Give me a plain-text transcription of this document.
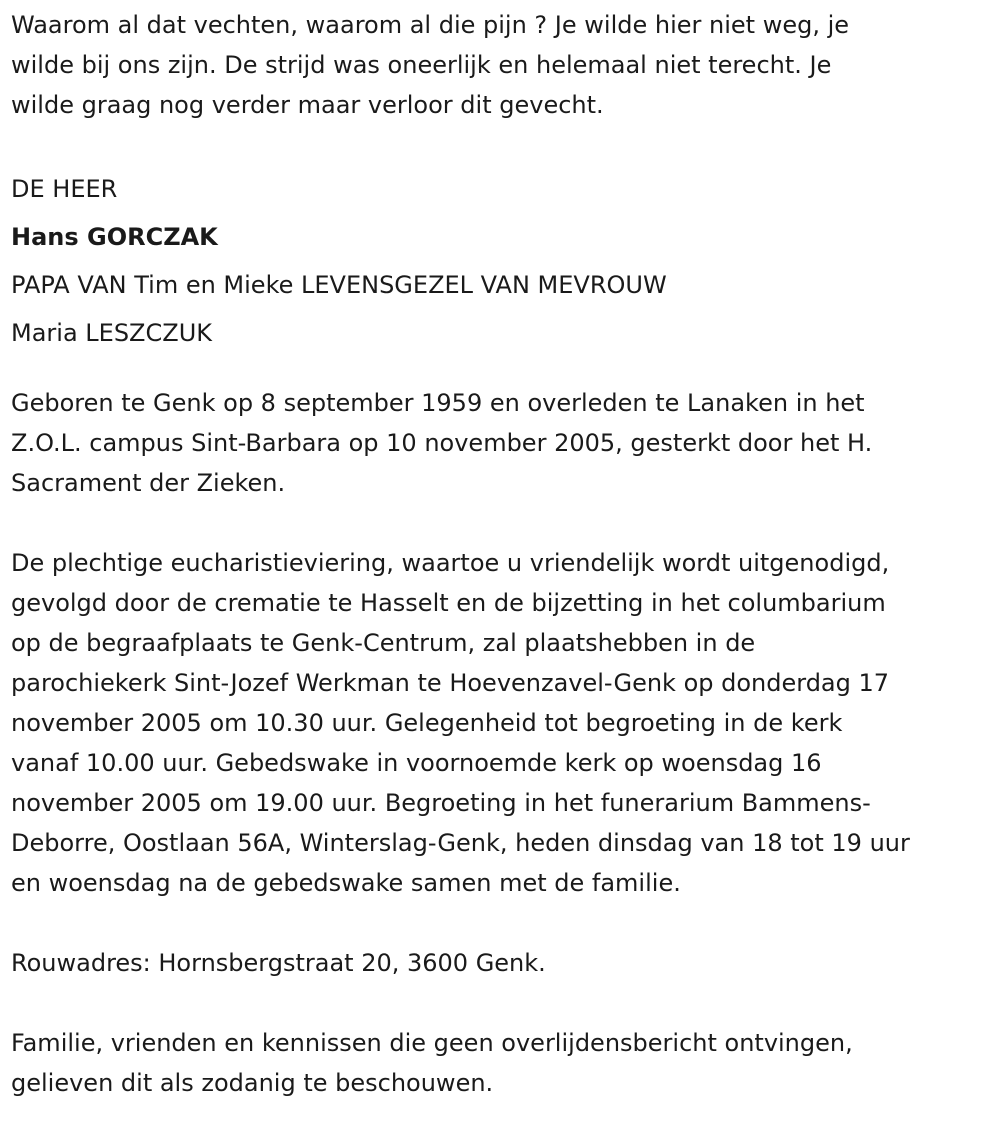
Waarom al dat vechten, waarom al die pijn ? Je wilde hier niet weg, je
wilde bij ons zijn. De strijd was oneerlijk en helemaal niet terecht. Je
wilde graag nog verder maar verloor dit gevecht.

DE HEER
Hans GORCZAK
PAPA VAN Tim en Mieke LEVENSGEZEL VAN MEVROUW
Maria LESZCZUK

Geboren te Genk op 8 september 1959 en overleden te Lanaken in het
Z.O.L. campus Sint-Barbara op 10 november 2005, gesterkt door het H.
Sacrament der Zieken.

De plechtige eucharistieviering, waartoe u vriendelijk wordt uitgenodigd,
gevolgd door de crematie te Hasselt en de bijzetting in het columbarium
op de begraafplaats te Genk-Centrum, zal plaatshebben in de
parochiekerk Sint-Jozef Werkman te Hoevenzavel-Genk op donderdag 17
november 2005 om 10.30 uur. Gelegenheid tot begroeting in de kerk
vanaf 10.00 uur. Gebedswake in voornoemde kerk op woensdag 16
november 2005 om 19.00 uur. Begroeting in het funerarium Bammens-
Deborre, Oostlaan 56A, Winterslag-Genk, heden dinsdag van 18 tot 19 uur
en woensdag na de gebedswake samen met de familie.

Rouwadres: Hornsbergstraat 20, 3600 Genk.

Familie, vrienden en kennissen die geen overlijdensbericht ontvingen,
gelieven dit als zodanig te beschouwen.
